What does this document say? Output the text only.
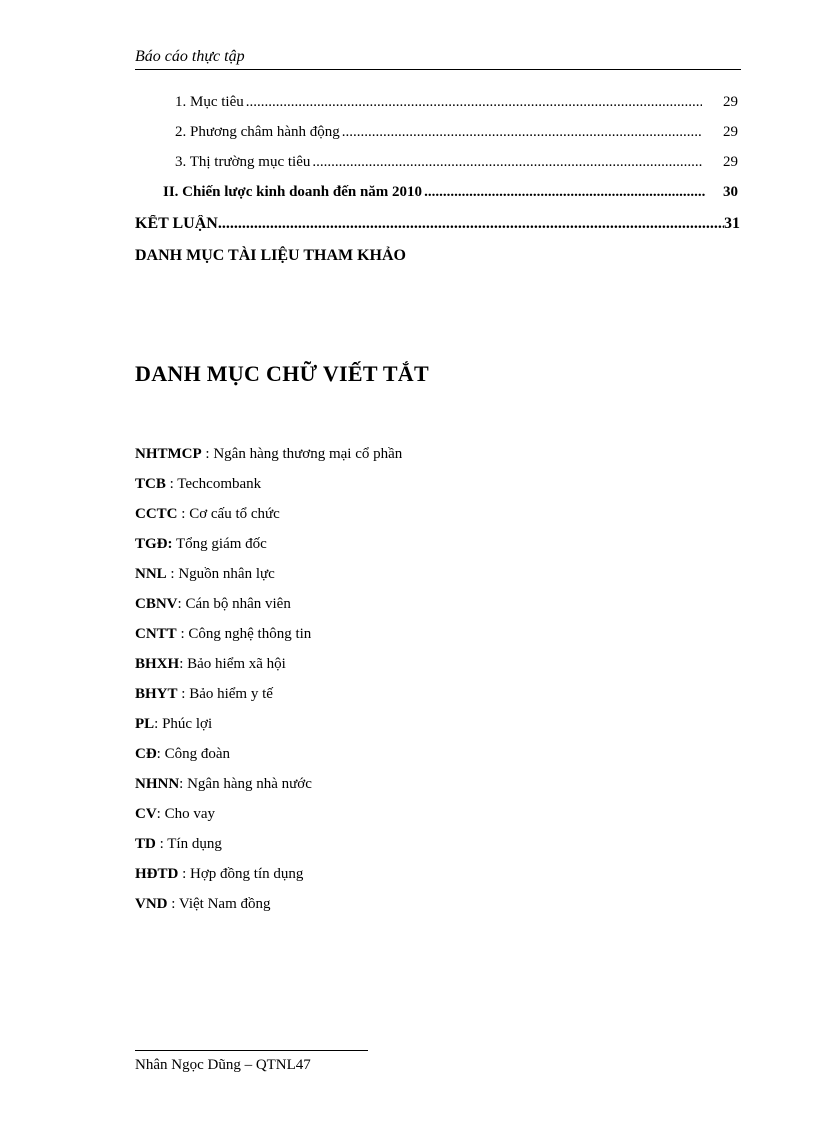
Báo cáo thực tập
1. Mục tiêu .....	29
2. Phương châm hành động .....	29
3. Thị trường mục tiêu .....	29
II. Chiến lược kinh doanh đến năm 2010 .....	30
KẾT LUẬN .....	31
DANH MỤC TÀI LIỆU THAM KHẢO
DANH MỤC CHỮ VIẾT TẮT
NHTMCP : Ngân hàng thương mại cổ phần
TCB : Techcombank
CCTC : Cơ cấu tổ chức
TGĐ: Tổng giám đốc
NNL : Nguồn nhân lực
CBNV: Cán bộ nhân viên
CNTT : Công nghệ thông tin
BHXH: Bảo hiểm xã hội
BHYT : Bảo hiểm y tế
PL: Phúc lợi
CĐ: Công đoàn
NHNN: Ngân hàng nhà nước
CV: Cho vay
TD : Tín dụng
HĐTD : Hợp đồng tín dụng
VND : Việt Nam đồng
Nhân Ngọc Dũng – QTNL47
